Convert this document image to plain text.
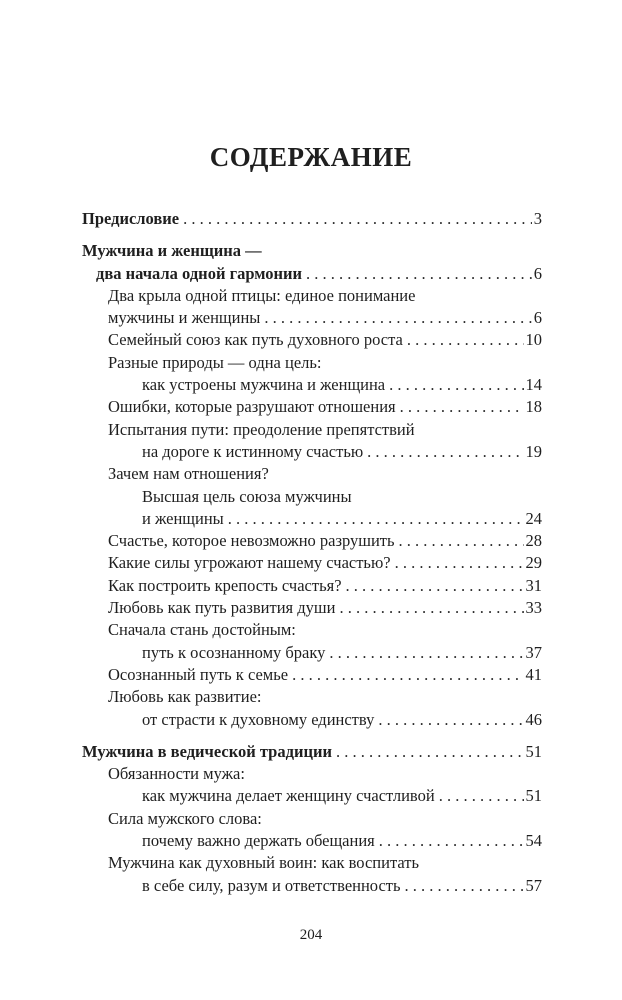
СОДЕРЖАНИЕ
Предисловие . . .	3
Мужчина и женщина —
два начала одной гармонии . . .	6
Два крыла одной птицы: единое понимание
мужчины и женщины . . .	6
Семейный союз как путь духовного роста . . .	10
Разные природы — одна цель:
как устроены мужчина и женщина . . .	14
Ошибки, которые разрушают отношения . . .	18
Испытания пути: преодоление препятствий
на дороге к истинному счастью . . .	19
Зачем нам отношения?
Высшая цель союза мужчины
и женщины . . .	24
Счастье, которое невозможно разрушить . . .	28
Какие силы угрожают нашему счастью? . . .	29
Как построить крепость счастья? . . .	31
Любовь как путь развития души . . .	33
Сначала стань достойным:
путь к осознанному браку . . .	37
Осознанный путь к семье . . .	41
Любовь как развитие:
от страсти к духовному единству . . .	46
Мужчина в ведической традиции . . .	51
Обязанности мужа:
как мужчина делает женщину счастливой . . .	51
Сила мужского слова:
почему важно держать обещания . . .	54
Мужчина как духовный воин: как воспитать
в себе силу, разум и ответственность . . .	57
204
